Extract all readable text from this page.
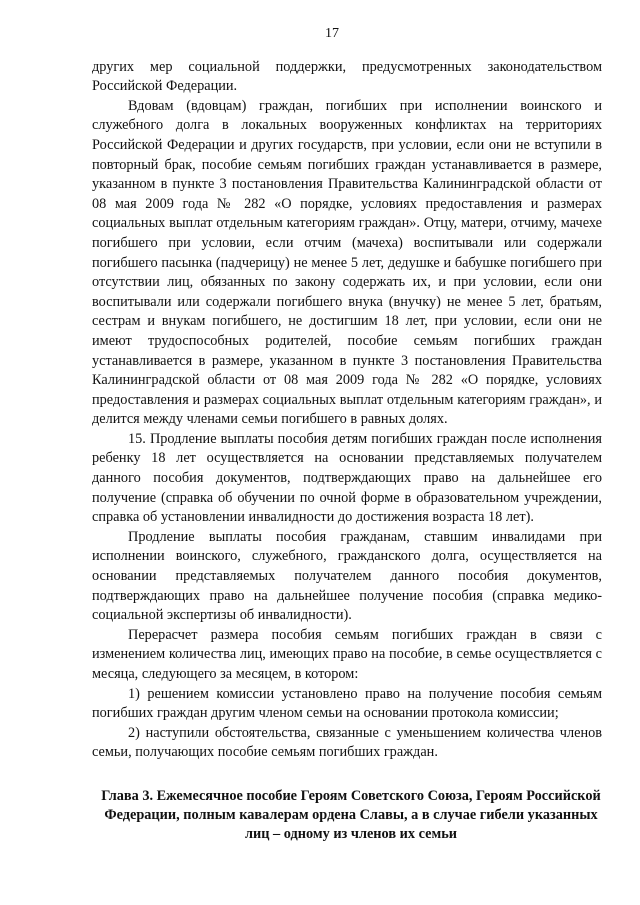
17

других мер социальной поддержки, предусмотренных законодательством Российской Федерации.

Вдовам (вдовцам) граждан, погибших при исполнении воинского и служебного долга в локальных вооруженных конфликтах на территориях Российской Федерации и других государств, при условии, если они не вступили в повторный брак, пособие семьям погибших граждан устанавливается в размере, указанном в пункте 3 постановления Правительства Калининградской области от 08 мая 2009 года № 282 «О порядке, условиях предоставления и размерах социальных выплат отдельным категориям граждан». Отцу, матери, отчиму, мачехе погибшего при условии, если отчим (мачеха) воспитывали или содержали погибшего пасынка (падчерицу) не менее 5 лет, дедушке и бабушке погибшего при отсутствии лиц, обязанных по закону содержать их, и при условии, если они воспитывали или содержали погибшего внука (внучку) не менее 5 лет, братьям, сестрам и внукам погибшего, не достигшим 18 лет, при условии, если они не имеют трудоспособных родителей, пособие семьям погибших граждан устанавливается в размере, указанном в пункте 3 постановления Правительства Калининградской области от 08 мая 2009 года № 282 «О порядке, условиях предоставления и размерах социальных выплат отдельным категориям граждан», и делится между членами семьи погибшего в равных долях.

15. Продление выплаты пособия детям погибших граждан после исполнения ребенку 18 лет осуществляется на основании представляемых получателем данного пособия документов, подтверждающих право на дальнейшее его получение (справка об обучении по очной форме в образовательном учреждении, справка об установлении инвалидности до достижения возраста 18 лет).

Продление выплаты пособия гражданам, ставшим инвалидами при исполнении воинского, служебного, гражданского долга, осуществляется на основании представляемых получателем данного пособия документов, подтверждающих право на дальнейшее получение пособия (справка медико-социальной экспертизы об инвалидности).

Перерасчет размера пособия семьям погибших граждан в связи с изменением количества лиц, имеющих право на пособие, в семье осуществляется с месяца, следующего за месяцем, в котором:

1) решением комиссии установлено право на получение пособия семьям погибших граждан другим членом семьи на основании протокола комиссии;

2) наступили обстоятельства, связанные с уменьшением количества членов семьи, получающих пособие семьям погибших граждан.

Глава 3. Ежемесячное пособие Героям Советского Союза, Героям Российской Федерации, полным кавалерам ордена Славы, а в случае гибели указанных лиц – одному из членов их семьи
